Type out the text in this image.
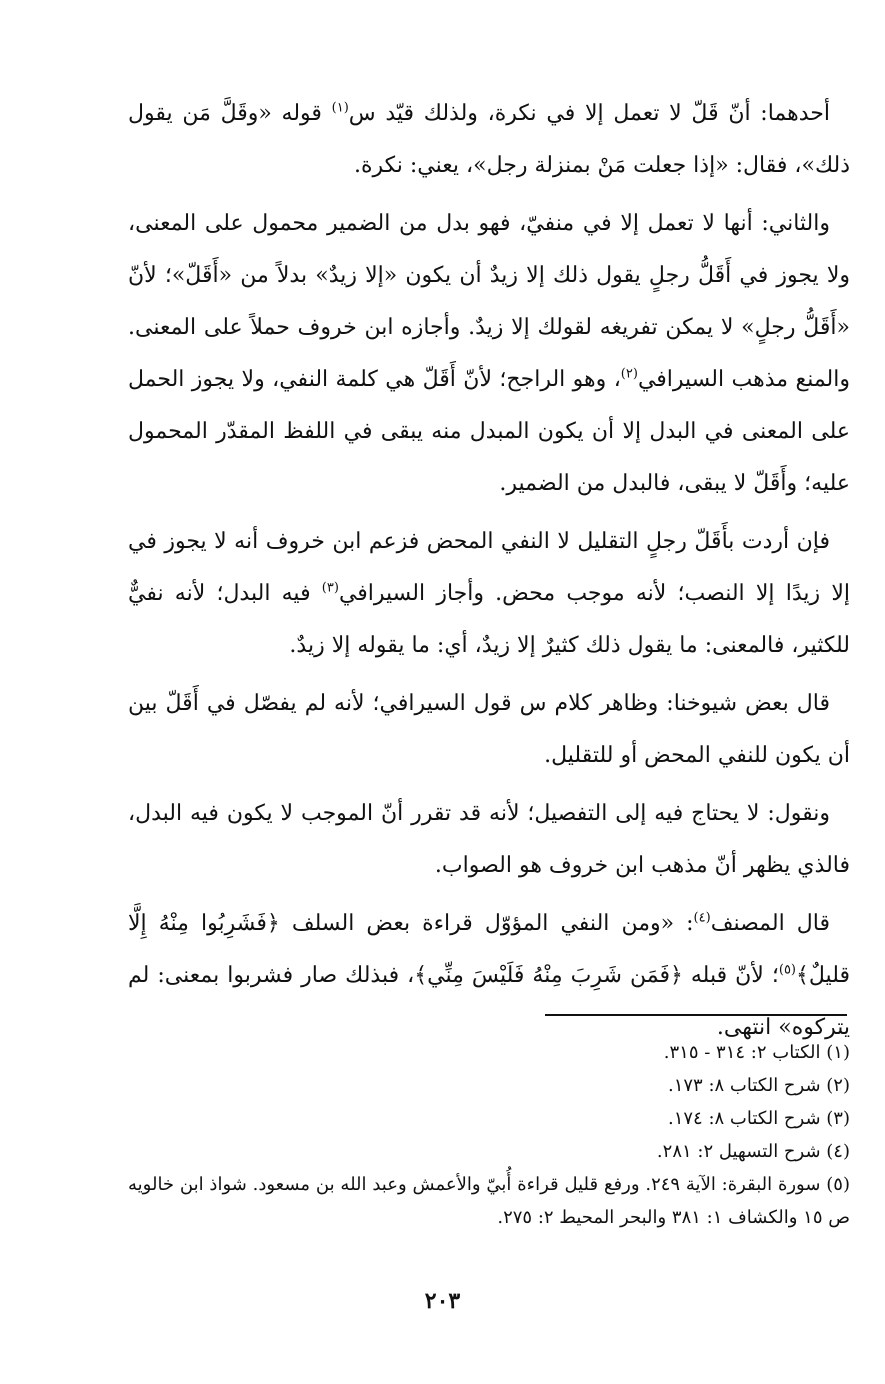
أحدهما: أنّ قَلّ لا تعمل إلا في نكرة، ولذلك قيّد س$^{(١)}$ قوله «وقَلَّ مَن يقول ذلك»، فقال: «إذا جعلت مَنْ بمنزلة رجل»، يعني: نكرة.

والثاني: أنها لا تعمل إلا في منفيّ، فهو بدل من الضمير محمول على المعنى، ولا يجوز في أَقَلُّ رجلٍ يقول ذلك إلا زيدٌ أن يكون «إلا زيدٌ» بدلاً من «أَقَلّ»؛ لأنّ «أَقَلُّ رجلٍ» لا يمكن تفريغه لقولك إلا زيدٌ. وأجازه ابن خروف حملاً على المعنى. والمنع مذهب السيرافي$^{(٢)}$، وهو الراجح؛ لأنّ أَقَلّ هي كلمة النفي، ولا يجوز الحمل على المعنى في البدل إلا أن يكون المبدل منه يبقى في اللفظ المقدّر المحمول عليه؛ وأَقَلّ لا يبقى، فالبدل من الضمير.

فإن أردت بأَقَلّ رجلٍ التقليل لا النفي المحض فزعم ابن خروف أنه لا يجوز في إلا زيدًا إلا النصب؛ لأنه موجب محض. وأجاز السيرافي$^{(٣)}$ فيه البدل؛ لأنه نفيٌّ للكثير، فالمعنى: ما يقول ذلك كثيرٌ إلا زيدٌ، أي: ما يقوله إلا زيدٌ.

قال بعض شيوخنا: وظاهر كلام س قول السيرافي؛ لأنه لم يفصّل في أَقَلّ بين أن يكون للنفي المحض أو للتقليل.

ونقول: لا يحتاج فيه إلى التفصيل؛ لأنه قد تقرر أنّ الموجب لا يكون فيه البدل، فالذي يظهر أنّ مذهب ابن خروف هو الصواب.

قال المصنف$^{(٤)}$: «ومن النفي المؤوّل قراءة بعض السلف ﴿فَشَرِبُوا مِنْهُ إِلَّا قليلٌ﴾$^{(٥)}$؛ لأنّ قبله ﴿فَمَن شَرِبَ مِنْهُ فَلَيْسَ مِنِّي﴾، فبذلك صار فشربوا بمعنى: لم يتركوه» انتهى.

(١) الكتاب ٢: ٣١٤ - ٣١٥.

(٢) شرح الكتاب ٨: ١٧٣.

(٣) شرح الكتاب ٨: ١٧٤.

(٤) شرح التسهيل ٢: ٢٨١.

(٥) سورة البقرة: الآية ٢٤٩. ورفع قليل قراءة أُبيّ والأعمش وعبد الله بن مسعود. شواذ ابن خالويه ص ١٥ والكشاف ١: ٣٨١ والبحر المحيط ٢: ٢٧٥.

٢٠٣
